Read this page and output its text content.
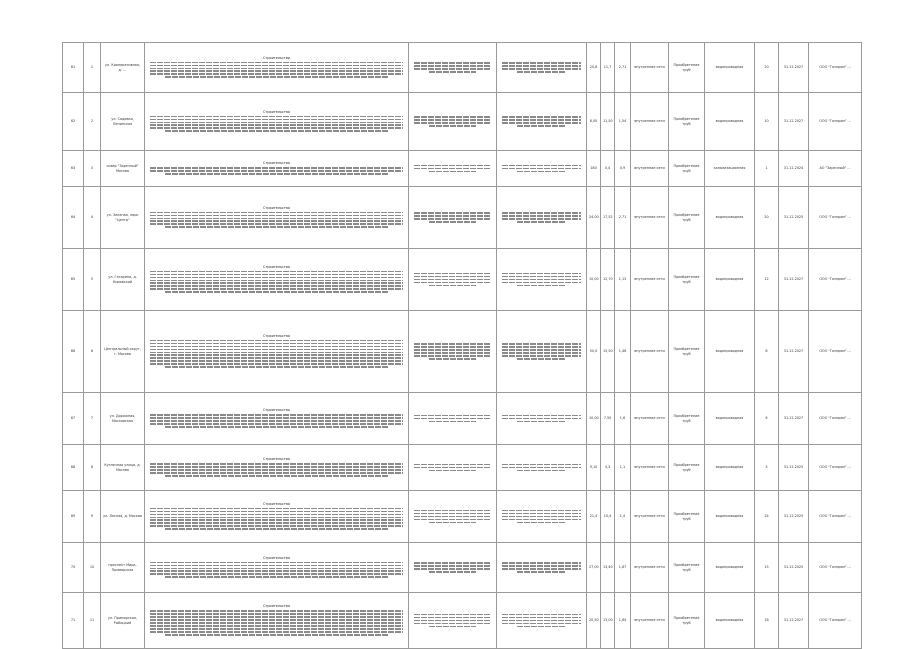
61	1	ул. Кооперативная, д. …	Строительство			20,8	11,7	2,71	внутренние сети	Приобретение труб	водопроводная	20	31.12.2027	ООО "Газпром" ...
62	2	ул. Садовая, Ленинская	Строительство			8,00	11,50	1,54	внутренние сети	Приобретение труб	водопроводная	10	31.12.2027	ООО "Газпром" ...
63	3	сквер "Заречный" Москва	Строительство			180	0,4	0,9	внутренние сети	Приобретение труб	канализационная	1	31.12.2024	АО "Заречный" ...
64	4	ул. Зеленая, парк "Центр"	Строительство			24,00	17,52	2,71	внутренние сети	Приобретение труб	водопроводная	20	31.12.2025	ООО "Газпром" ...
65	5	ул. Гагарина, д. Кировский	Строительство			10,00	12,70	1,13	внутренние сети	Приобретение труб	водопроводная	12	31.12.2027	ООО "Газпром" ...
66	6	Центральный округ, г. Москва	Строительство			50,0	15,50	1,46	внутренние сети	Приобретение труб	водопроводная	8	31.12.2027	ООО "Газпром" ...
67	7	ул. Дорожная, Московская	Строительство			10,00	7,50	1,6	внутренние сети	Приобретение труб	водопроводная	6	31.12.2027	ООО "Газпром" ...
68	8	Кузнечная улица, д. Москва	Строительство			9,10	4,3	1,1	внутренние сети	Приобретение труб	водопроводная	3	31.12.2025	ООО "Газпром" ...
69	9	ул. Лесная, д. Москва	Строительство			21,4	10,4	1,4	внутренние сети	Приобретение труб	водопроводная	24	31.12.2025	ООО "Газпром" ...
70	10	проспект Мира, Приморская	Строительство			27,00	13,40	1,87	внутренние сети	Приобретение труб	водопроводная	15	31.12.2025	ООО "Газпром" ...
71	11	ул. Приморская, Рыбацкий	Строительство			20,50	13,00	1,64	внутренние сети	Приобретение труб	водопроводная	18	31.12.2027	ООО "Газпром" ...
